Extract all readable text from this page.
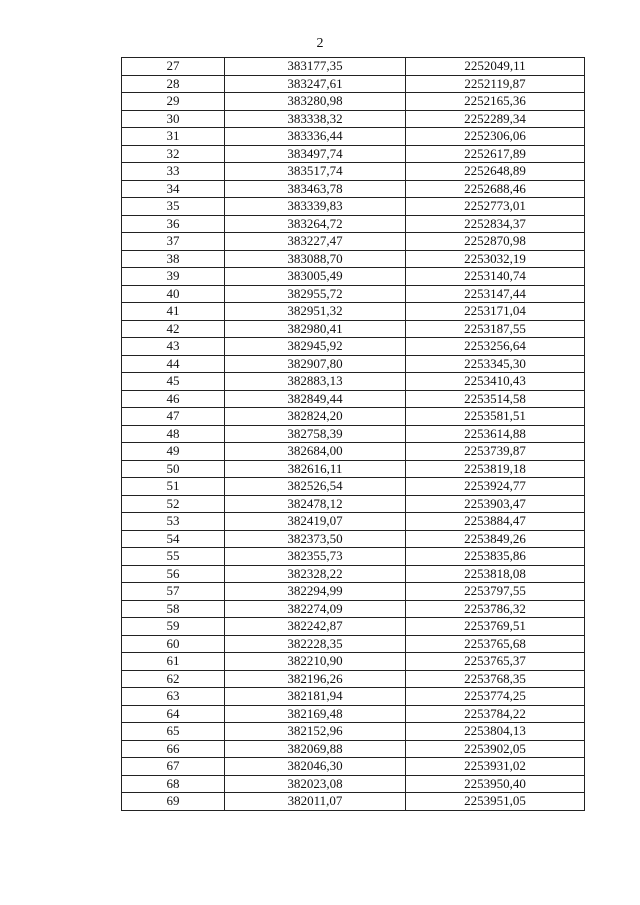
2
27	383177,35	2252049,11
28	383247,61	2252119,87
29	383280,98	2252165,36
30	383338,32	2252289,34
31	383336,44	2252306,06
32	383497,74	2252617,89
33	383517,74	2252648,89
34	383463,78	2252688,46
35	383339,83	2252773,01
36	383264,72	2252834,37
37	383227,47	2252870,98
38	383088,70	2253032,19
39	383005,49	2253140,74
40	382955,72	2253147,44
41	382951,32	2253171,04
42	382980,41	2253187,55
43	382945,92	2253256,64
44	382907,80	2253345,30
45	382883,13	2253410,43
46	382849,44	2253514,58
47	382824,20	2253581,51
48	382758,39	2253614,88
49	382684,00	2253739,87
50	382616,11	2253819,18
51	382526,54	2253924,77
52	382478,12	2253903,47
53	382419,07	2253884,47
54	382373,50	2253849,26
55	382355,73	2253835,86
56	382328,22	2253818,08
57	382294,99	2253797,55
58	382274,09	2253786,32
59	382242,87	2253769,51
60	382228,35	2253765,68
61	382210,90	2253765,37
62	382196,26	2253768,35
63	382181,94	2253774,25
64	382169,48	2253784,22
65	382152,96	2253804,13
66	382069,88	2253902,05
67	382046,30	2253931,02
68	382023,08	2253950,40
69	382011,07	2253951,05
